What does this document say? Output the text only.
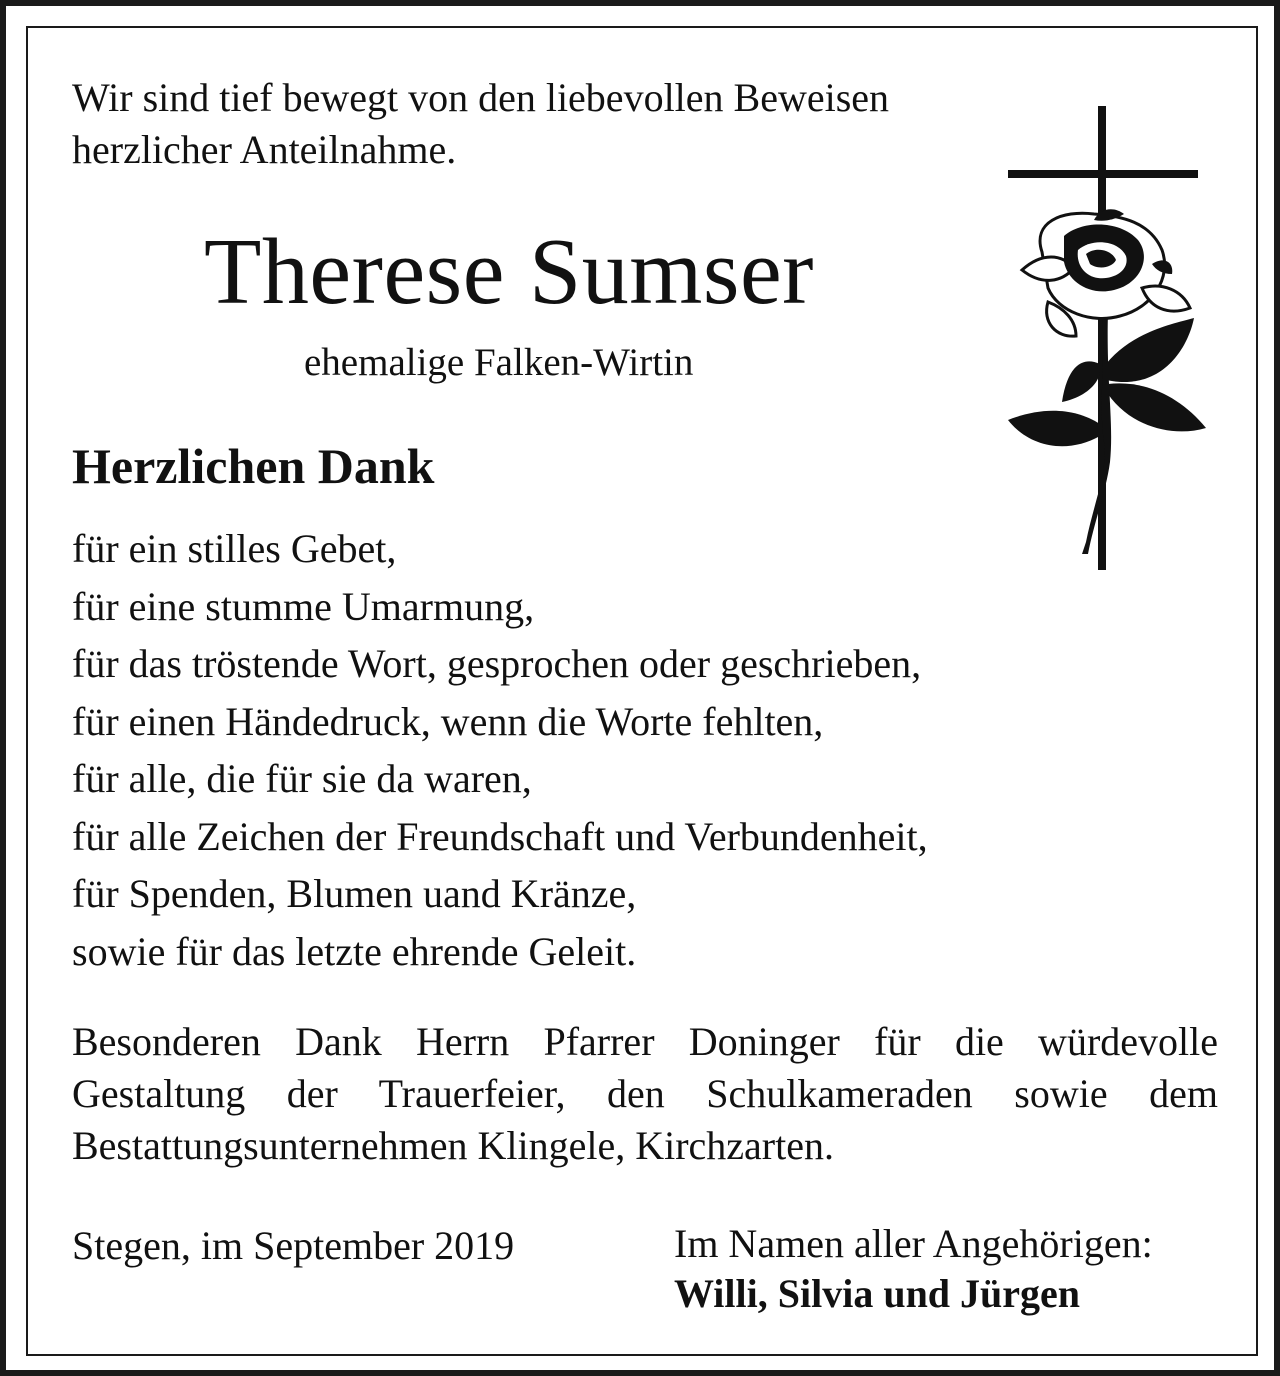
Wir sind tief bewegt von den liebevollen Beweisen
herzlicher Anteilnahme.
Therese Sumser

ehemalige Falken-Wirtin

Herzlichen Dank
für ein stilles Gebet,
für eine stumme Umarmung,
für das tröstende Wort, gesprochen oder geschrieben,
für einen Händedruck, wenn die Worte fehlten,
für alle, die für sie da waren,
für alle Zeichen der Freundschaft und Verbundenheit,
für Spenden, Blumen uand Kränze,
sowie für das letzte ehrende Geleit.

Besonderen Dank Herrn Pfarrer Doninger für die würdevolle Gestaltung der Trauerfeier, den Schulkameraden sowie dem Bestattungsunternehmen Klingele, Kirchzarten.

Stegen, im September 2019	Im Namen aller Angehörigen:

Willi, Silvia und Jürgen
